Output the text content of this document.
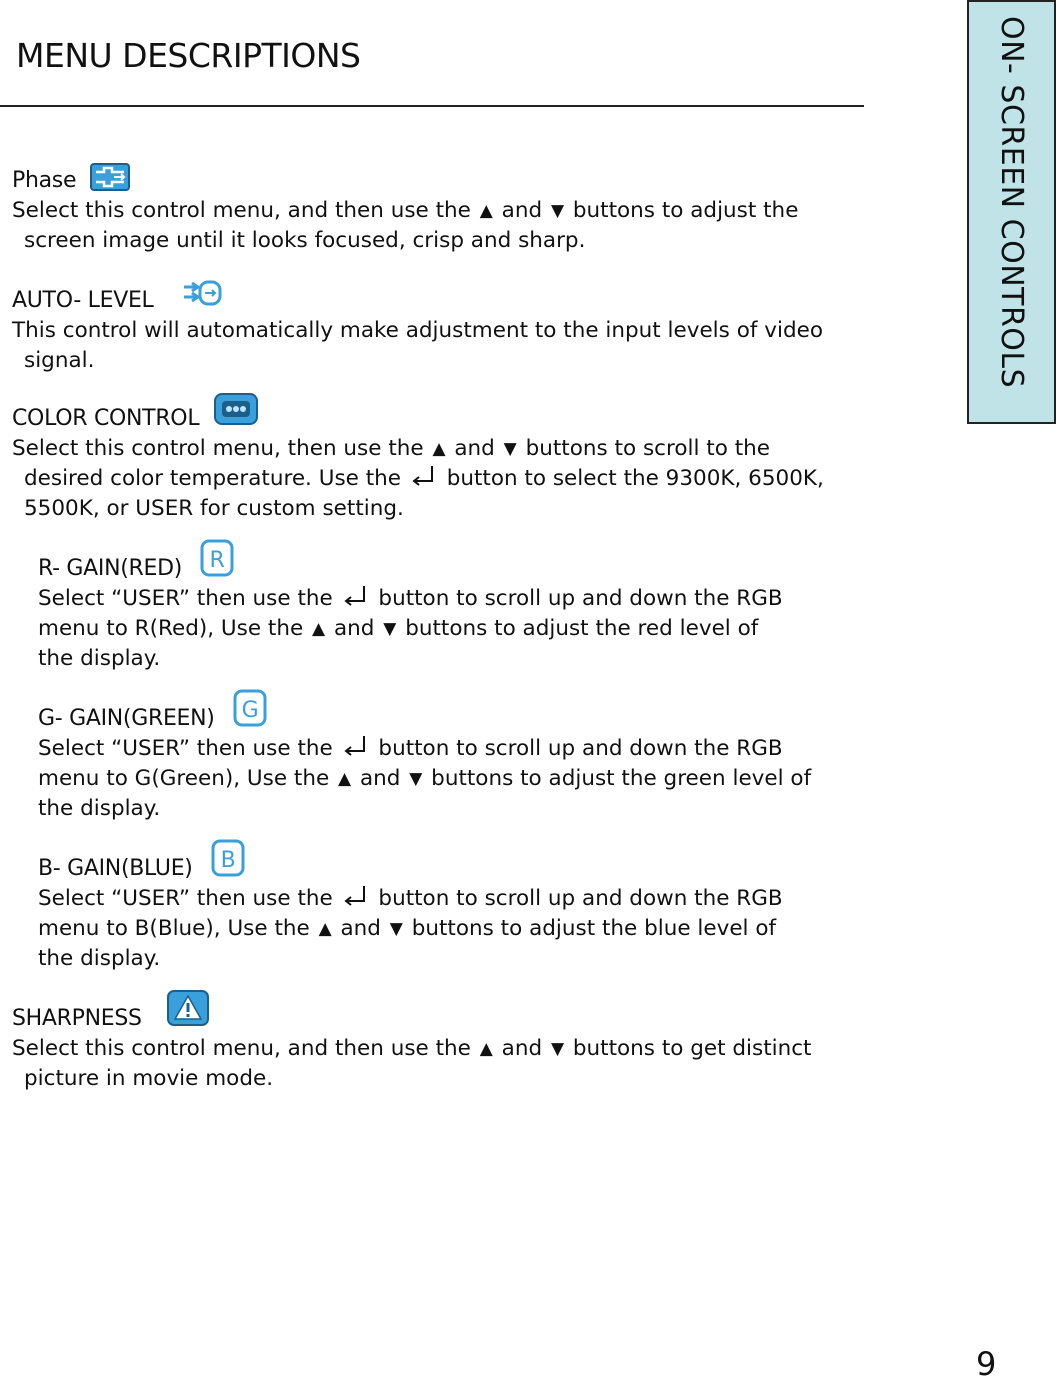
MENU DESCRIPTIONS	ON- SCREEN CONTROLS
Phase
Select this control menu, and then use the ▲ and ▼ buttons to adjust the
screen image until it looks focused, crisp and sharp.
AUTO- LEVEL
This control will automatically make adjustment to the input levels of video
signal.
COLOR CONTROL
Select this control menu, then use the ▲ and ▼ buttons to scroll to the
desired color temperature. Use the button to select the 9300K, 6500K,
5500K, or USER for custom setting.
R- GAIN(RED) R
Select “USER” then use the button to scroll up and down the RGB
menu to R(Red), Use the ▲ and ▼ buttons to adjust the red level of
the display.
G- GAIN(GREEN) G
Select “USER” then use the button to scroll up and down the RGB
menu to G(Green), Use the ▲ and ▼ buttons to adjust the green level of
the display.
B- GAIN(BLUE) B
Select “USER” then use the button to scroll up and down the RGB
menu to B(Blue), Use the ▲ and ▼ buttons to adjust the blue level of
the display.
SHARPNESS
Select this control menu, and then use the ▲ and ▼ buttons to get distinct
picture in movie mode.
9
